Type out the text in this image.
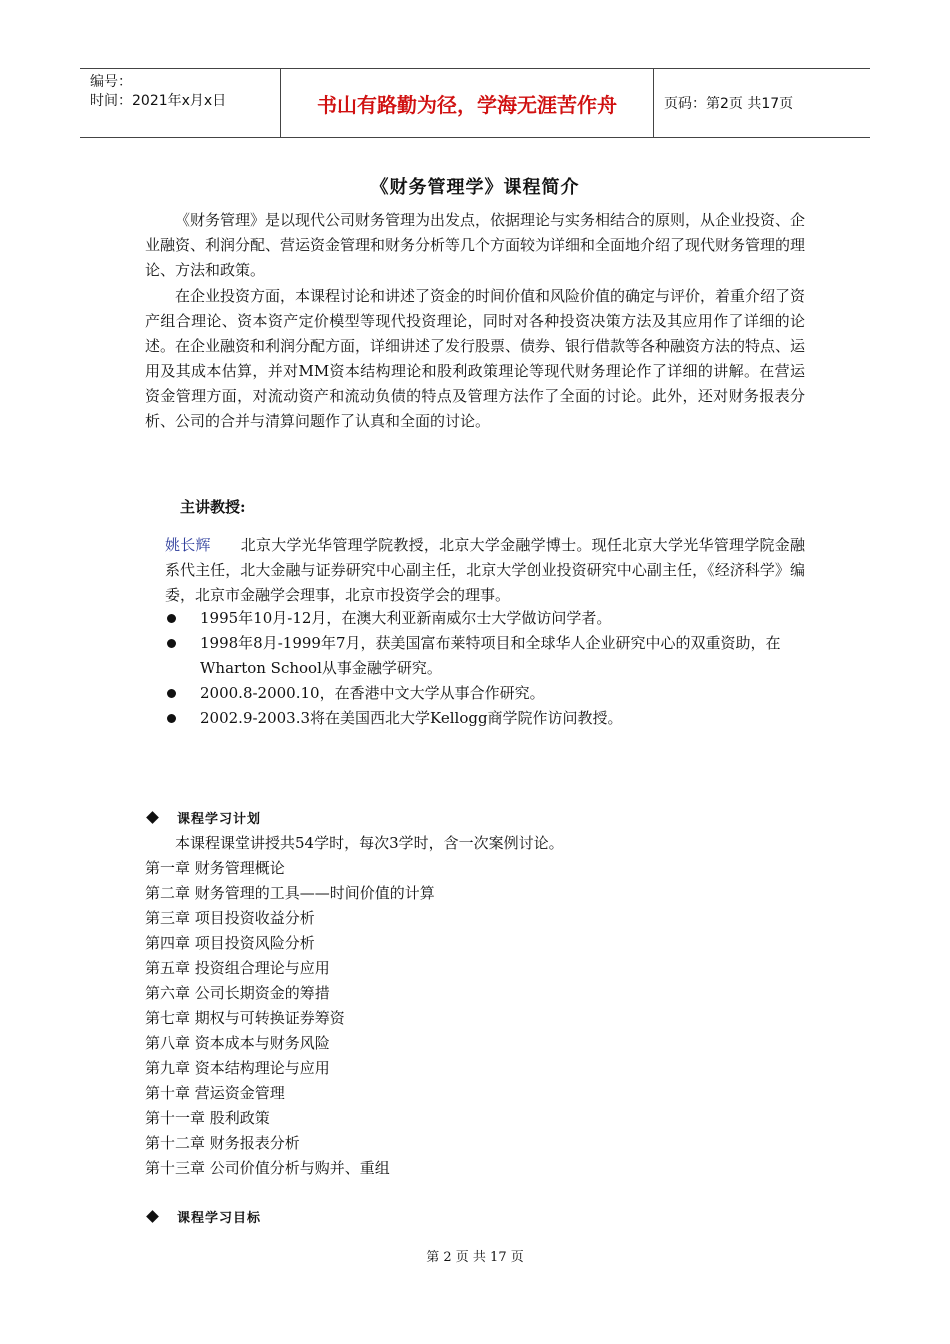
编号：
时间：2021年x月x日	书山有路勤为径，学海无涯苦作舟	页码：第2页 共17页
《财务管理学》课程简介
《财务管理》是以现代公司财务管理为出发点，依据理论与实务相结合的原则，从企业投资、企业融资、利润分配、营运资金管理和财务分析等几个方面较为详细和全面地介绍了现代财务管理的理论、方法和政策。
在企业投资方面，本课程讨论和讲述了资金的时间价值和风险价值的确定与评价，着重介绍了资产组合理论、资本资产定价模型等现代投资理论，同时对各种投资决策方法及其应用作了详细的论述。在企业融资和利润分配方面，详细讲述了发行股票、债券、银行借款等各种融资方法的特点、运用及其成本估算，并对MM资本结构理论和股利政策理论等现代财务理论作了详细的讲解。在营运资金管理方面，对流动资产和流动负债的特点及管理方法作了全面的讨论。此外，还对财务报表分析、公司的合并与清算问题作了认真和全面的讨论。
主讲教授:
姚长辉 北京大学光华管理学院教授，北京大学金融学博士。现任北京大学光华管理学院金融系代主任，北大金融与证券研究中心副主任，北京大学创业投资研究中心副主任，《经济科学》编委，北京市金融学会理事，北京市投资学会的理事。
1995年10月-12月，在澳大利亚新南威尔士大学做访问学者。
1998年8月-1999年7月，获美国富布莱特项目和全球华人企业研究中心的双重资助，在Wharton School从事金融学研究。
2000.8-2000.10，在香港中文大学从事合作研究。
2002.9-2003.3将在美国西北大学Kellogg商学院作访问教授。
课程学习计划
本课程课堂讲授共54学时，每次3学时，含一次案例讨论。
第一章 财务管理概论
第二章 财务管理的工具——时间价值的计算
第三章 项目投资收益分析
第四章 项目投资风险分析
第五章 投资组合理论与应用
第六章 公司长期资金的筹措
第七章 期权与可转换证券筹资
第八章 资本成本与财务风险
第九章 资本结构理论与应用
第十章 营运资金管理
第十一章 股利政策
第十二章 财务报表分析
第十三章 公司价值分析与购并、重组
课程学习目标
第 2 页 共 17 页
